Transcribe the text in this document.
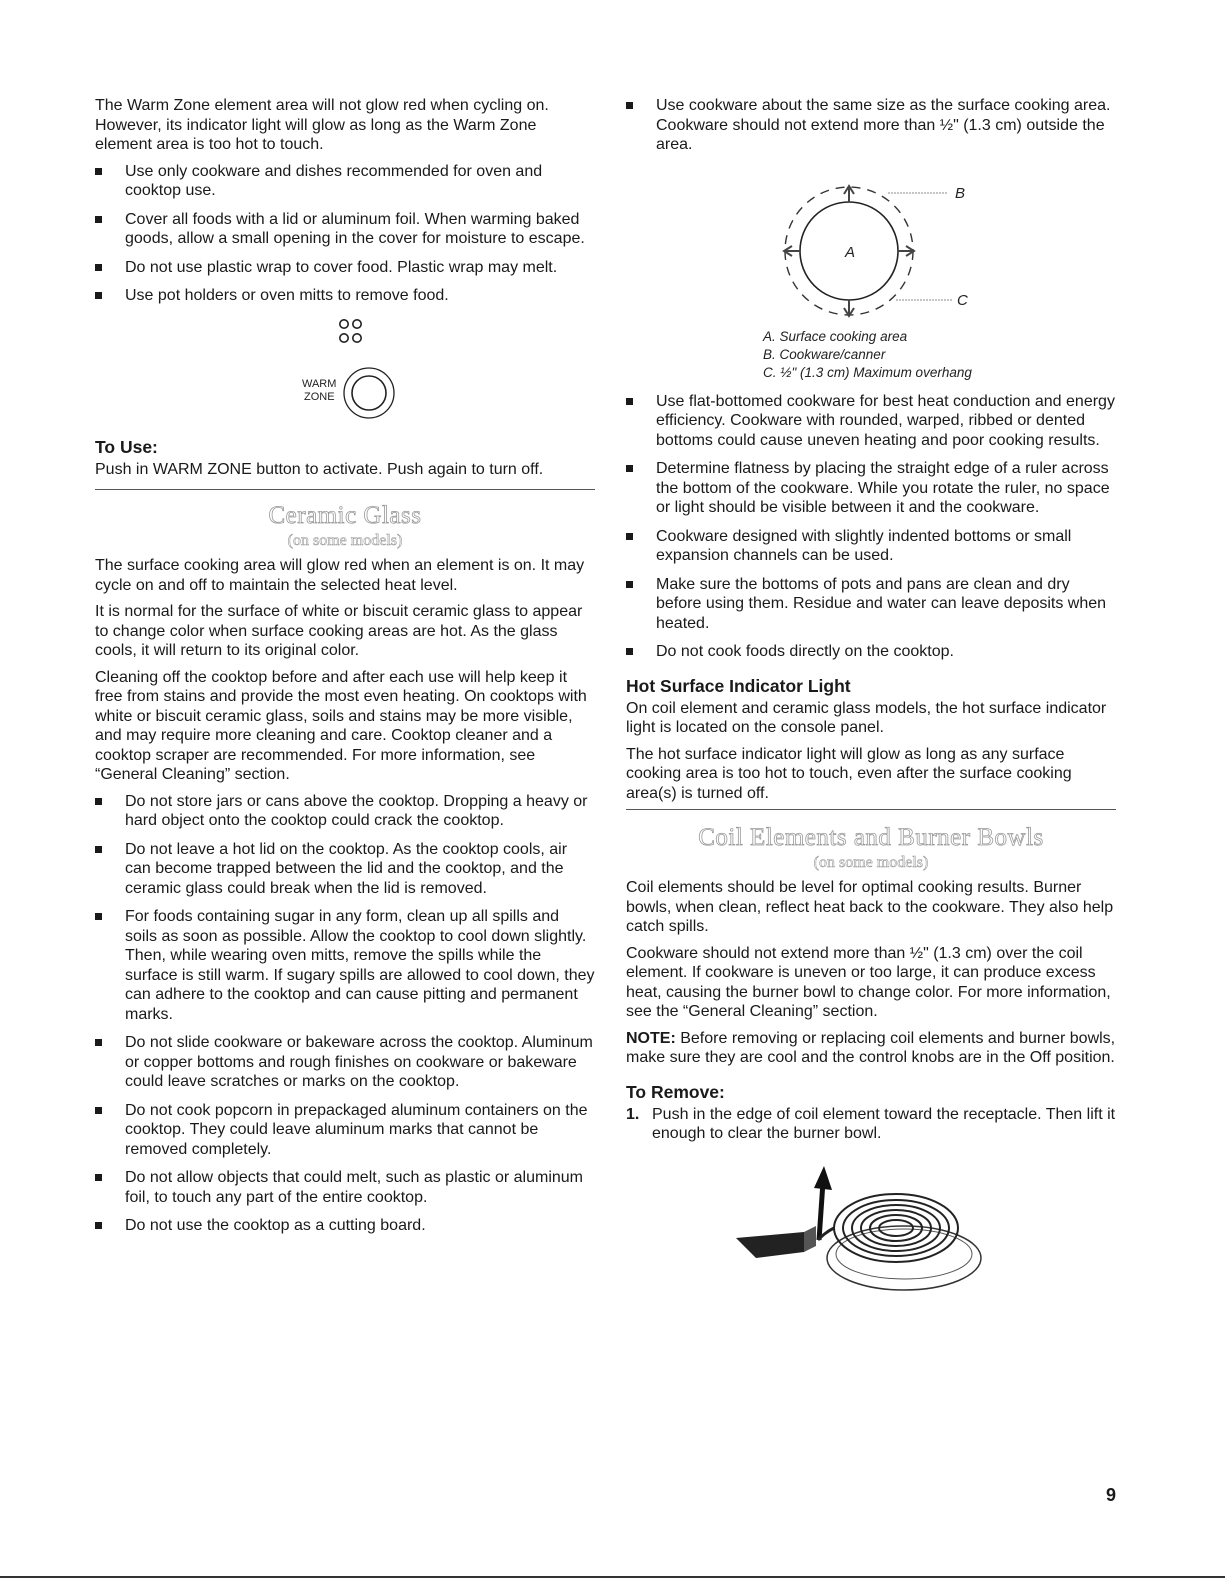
The Warm Zone element area will not glow red when cycling on. However, its indicator light will glow as long as the Warm Zone element area is too hot to touch.

Use only cookware and dishes recommended for oven and cooktop use.
Cover all foods with a lid or aluminum foil. When warming baked goods, allow a small opening in the cover for moisture to escape.
Do not use plastic wrap to cover food. Plastic wrap may melt.
Use pot holders or oven mitts to remove food.
WARM
ZONE
To Use:

Push in WARM ZONE button to activate. Push again to turn off.

Ceramic Glass
(on some models)

The surface cooking area will glow red when an element is on. It may cycle on and off to maintain the selected heat level.

It is normal for the surface of white or biscuit ceramic glass to appear to change color when surface cooking areas are hot. As the glass cools, it will return to its original color.

Cleaning off the cooktop before and after each use will help keep it free from stains and provide the most even heating. On cooktops with white or biscuit ceramic glass, soils and stains may be more visible, and may require more cleaning and care. Cooktop cleaner and a cooktop scraper are recommended. For more information, see “General Cleaning” section.

Do not store jars or cans above the cooktop. Dropping a heavy or hard object onto the cooktop could crack the cooktop.
Do not leave a hot lid on the cooktop. As the cooktop cools, air can become trapped between the lid and the cooktop, and the ceramic glass could break when the lid is removed.
For foods containing sugar in any form, clean up all spills and soils as soon as possible. Allow the cooktop to cool down slightly. Then, while wearing oven mitts, remove the spills while the surface is still warm. If sugary spills are allowed to cool down, they can adhere to the cooktop and can cause pitting and permanent marks.
Do not slide cookware or bakeware across the cooktop. Aluminum or copper bottoms and rough finishes on cookware or bakeware could leave scratches or marks on the cooktop.
Do not cook popcorn in prepackaged aluminum containers on the cooktop. They could leave aluminum marks that cannot be removed completely.
Do not allow objects that could melt, such as plastic or aluminum foil, to touch any part of the entire cooktop.
Do not use the cooktop as a cutting board.
Use cookware about the same size as the surface cooking area. Cookware should not extend more than ½" (1.3 cm) outside the area.
A
B
C
A. Surface cooking area
B. Cookware/canner
C. ½" (1.3 cm) Maximum overhang
Use flat-bottomed cookware for best heat conduction and energy efficiency. Cookware with rounded, warped, ribbed or dented bottoms could cause uneven heating and poor cooking results.
Determine flatness by placing the straight edge of a ruler across the bottom of the cookware. While you rotate the ruler, no space or light should be visible between it and the cookware.
Cookware designed with slightly indented bottoms or small expansion channels can be used.
Make sure the bottoms of pots and pans are clean and dry before using them. Residue and water can leave deposits when heated.
Do not cook foods directly on the cooktop.
Hot Surface Indicator Light

On coil element and ceramic glass models, the hot surface indicator light is located on the console panel.

The hot surface indicator light will glow as long as any surface cooking area is too hot to touch, even after the surface cooking area(s) is turned off.

Coil Elements and Burner Bowls
(on some models)

Coil elements should be level for optimal cooking results. Burner bowls, when clean, reflect heat back to the cookware. They also help catch spills.

Cookware should not extend more than ½" (1.3 cm) over the coil element. If cookware is uneven or too large, it can produce excess heat, causing the burner bowl to change color. For more information, see the “General Cleaning” section.

NOTE: Before removing or replacing coil elements and burner bowls, make sure they are cool and the control knobs are in the Off position.

To Remove:
1. Push in the edge of coil element toward the receptacle. Then lift it enough to clear the burner bowl.
9
